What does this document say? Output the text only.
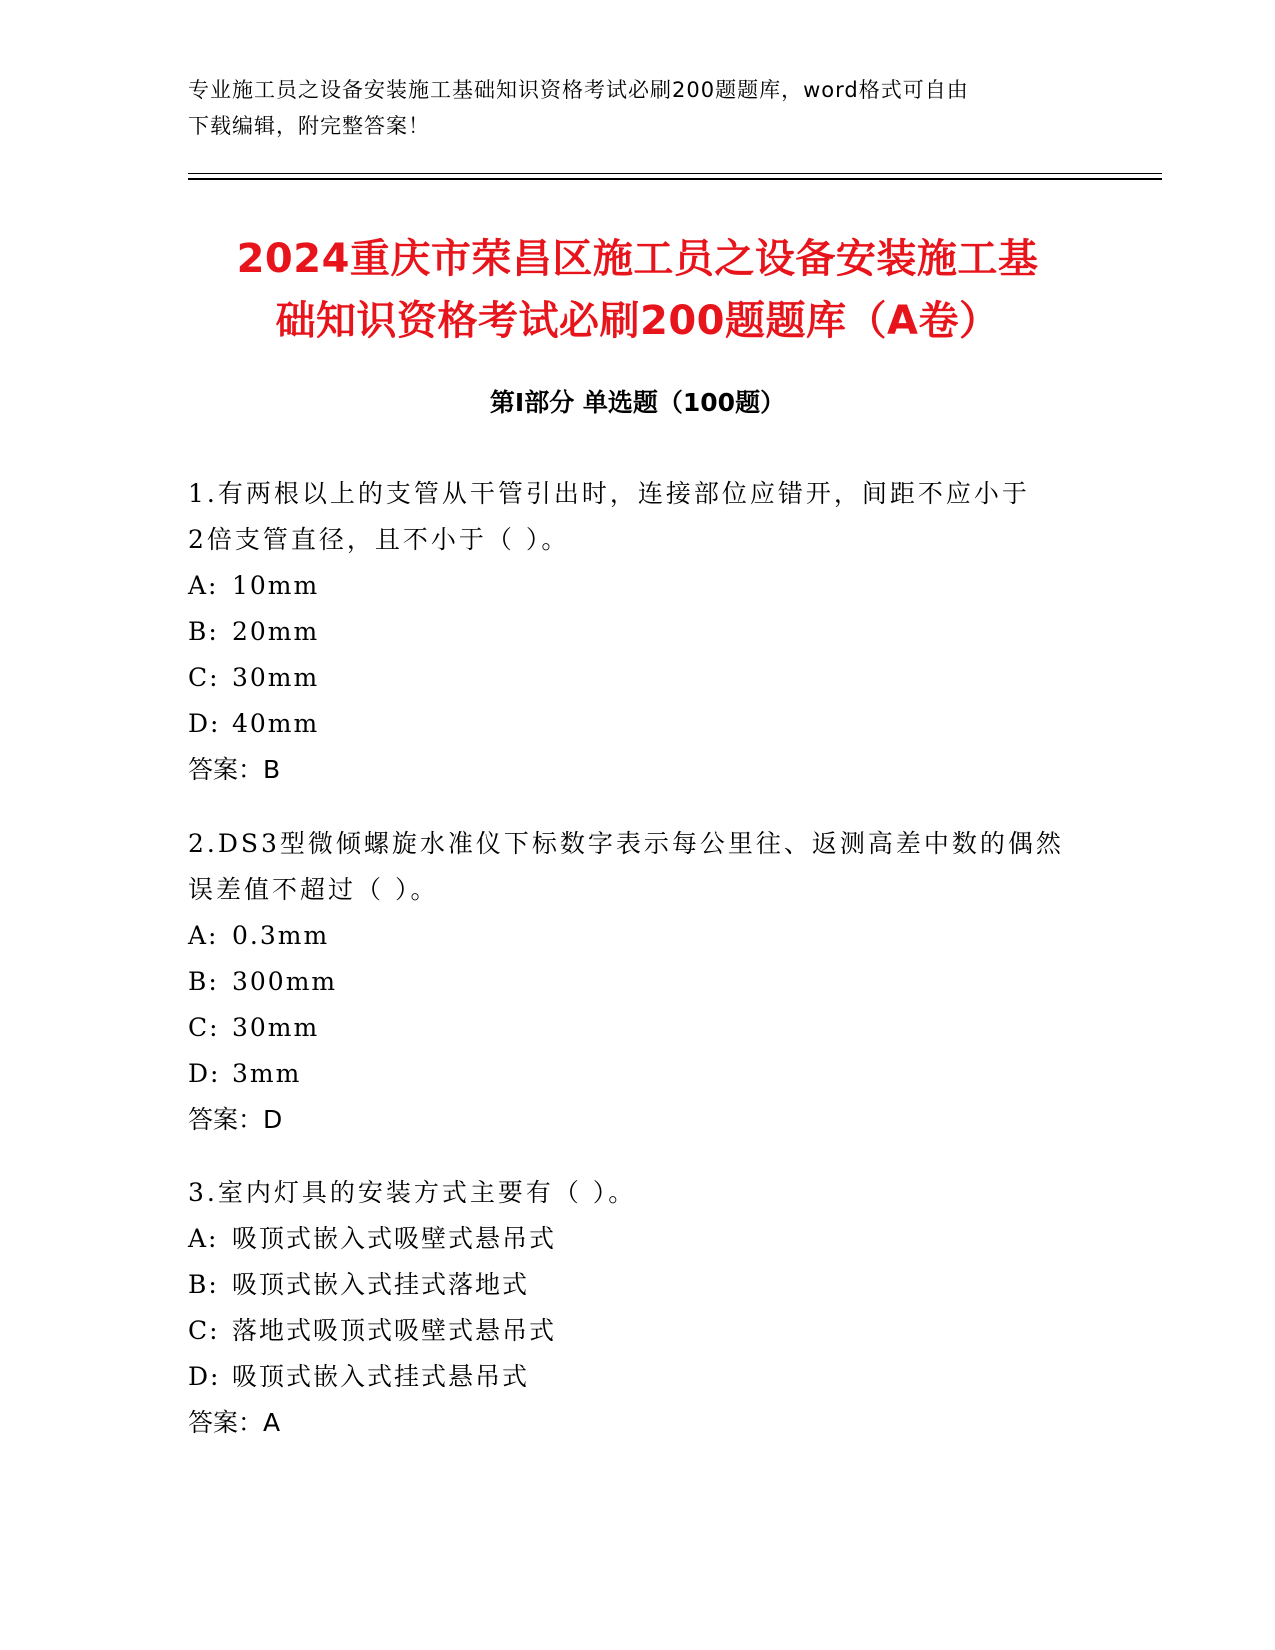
专业施工员之设备安装施工基础知识资格考试必刷200题题库，word格式可自由
下载编辑，附完整答案！
2024重庆市荣昌区施工员之设备安装施工基
础知识资格考试必刷200题题库（A卷）
第Ⅰ部分 单选题（100题）

1.有两根以上的支管从干管引出时，连接部位应错开，间距不应小于

2倍支管直径，且不小于（ ）。

A: 10mm

B: 20mm

C: 30mm

D: 40mm

答案：B

2.DS3型微倾螺旋水准仪下标数字表示每公里往、返测高差中数的偶然

误差值不超过（ ）。

A: 0.3mm

B: 300mm

C: 30mm

D: 3mm

答案：D

3.室内灯具的安装方式主要有（ ）。

A: 吸顶式嵌入式吸壁式悬吊式

B: 吸顶式嵌入式挂式落地式

C: 落地式吸顶式吸壁式悬吊式

D: 吸顶式嵌入式挂式悬吊式

答案：A
